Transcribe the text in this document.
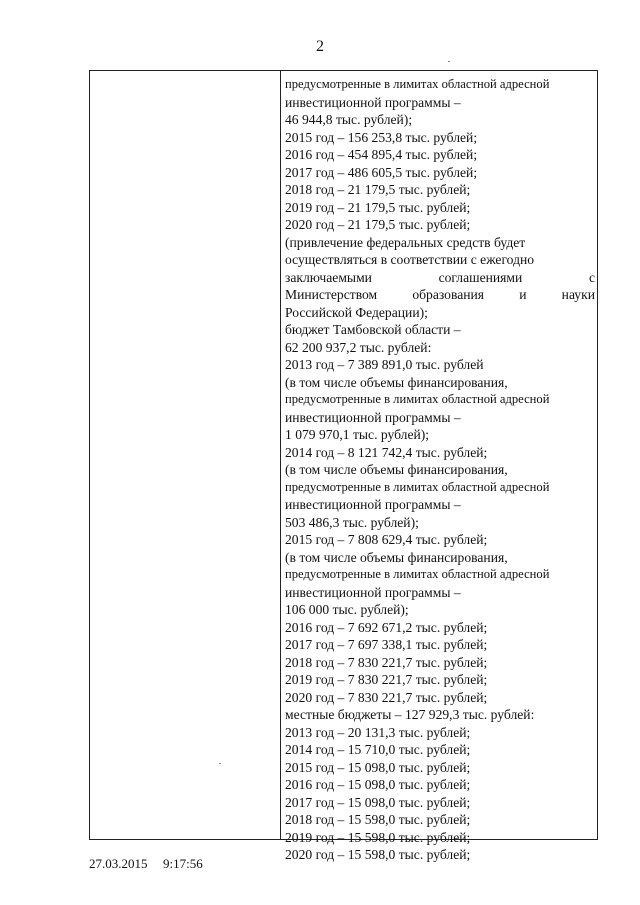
2
предусмотренные в лимитах областной адресной
инвестиционной программы –
46 944,8 тыс. рублей);
2015 год – 156 253,8 тыс. рублей;
2016 год – 454 895,4 тыс. рублей;
2017 год – 486 605,5 тыс. рублей;
2018 год – 21 179,5 тыс. рублей;
2019 год – 21 179,5 тыс. рублей;
2020 год – 21 179,5 тыс. рублей;
(привлечение федеральных средств будет
осуществляться в соответствии с ежегодно
заключаемыми	соглашениями	с
Министерством	образования	и	науки
Российской Федерации);
бюджет Тамбовской области –
62 200 937,2 тыс. рублей:
2013 год – 7 389 891,0 тыс. рублей
(в том числе объемы финансирования,
предусмотренные в лимитах областной адресной
инвестиционной программы –
1 079 970,1 тыс. рублей);
2014 год – 8 121 742,4 тыс. рублей;
(в том числе объемы финансирования,
предусмотренные в лимитах областной адресной
инвестиционной программы –
503 486,3 тыс. рублей);
2015 год – 7 808 629,4 тыс. рублей;
(в том числе объемы финансирования,
предусмотренные в лимитах областной адресной
инвестиционной программы –
106 000 тыс. рублей);
2016 год – 7 692 671,2 тыс. рублей;
2017 год – 7 697 338,1 тыс. рублей;
2018 год – 7 830 221,7 тыс. рублей;
2019 год – 7 830 221,7 тыс. рублей;
2020 год – 7 830 221,7 тыс. рублей;
местные бюджеты – 127 929,3 тыс. рублей:
2013 год – 20 131,3 тыс. рублей;
2014 год – 15 710,0 тыс. рублей;
2015 год – 15 098,0 тыс. рублей;
2016 год – 15 098,0 тыс. рублей;
2017 год – 15 098,0 тыс. рублей;
2018 год – 15 598,0 тыс. рублей;
2019 год – 15 598,0 тыс. рублей;
2020 год – 15 598,0 тыс. рублей;
27.03.2015 9:17:56
